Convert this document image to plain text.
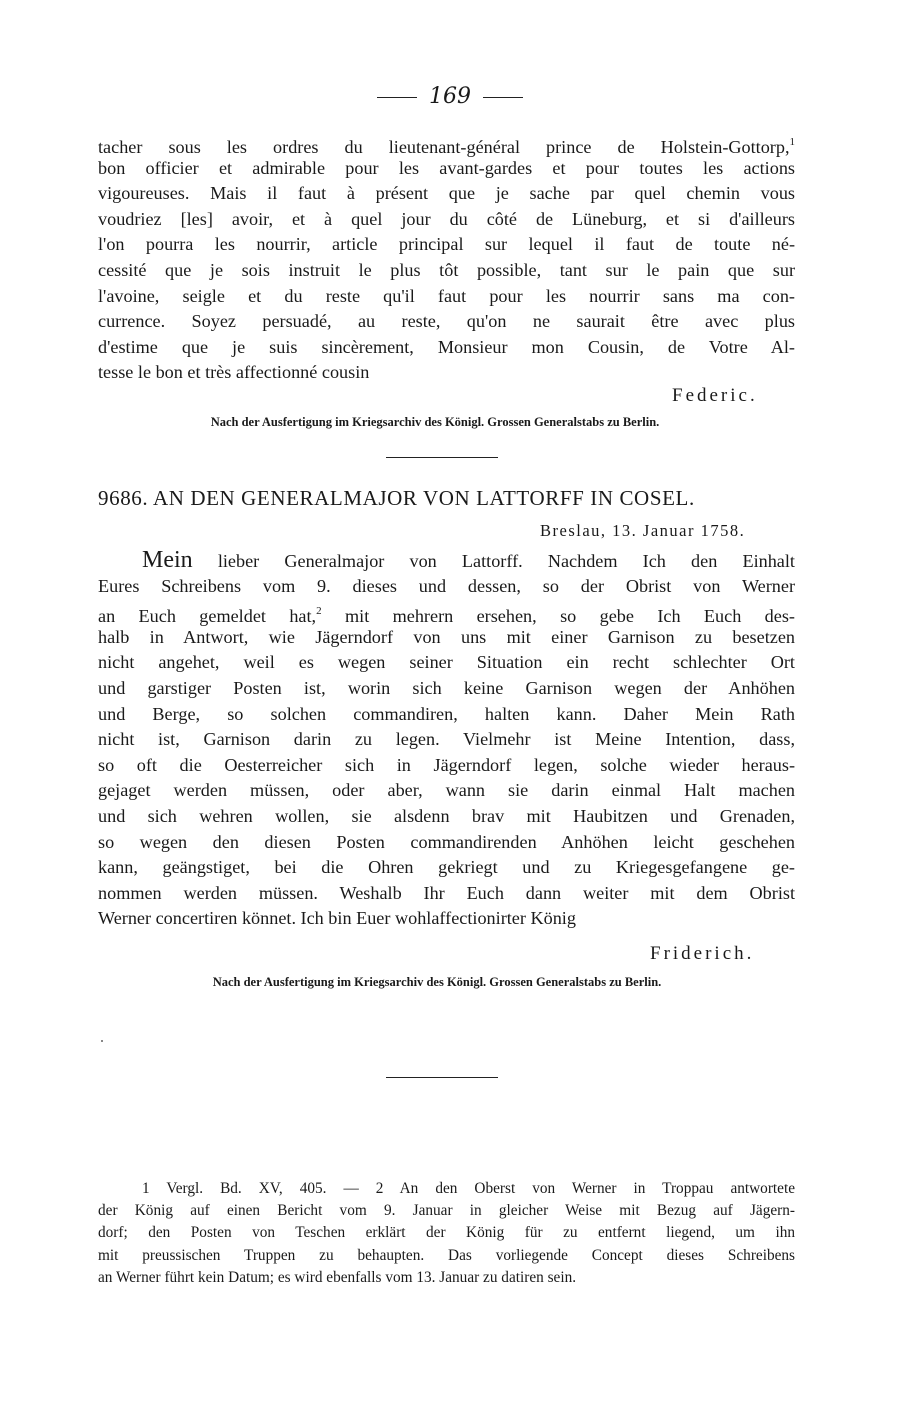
169
tacher sous les ordres du lieutenant-général prince de Holstein-Gottorp,$^1$
bon officier et admirable pour les avant-gardes et pour toutes les actions
vigoureuses. Mais il faut à présent que je sache par quel chemin vous
voudriez [les] avoir, et à quel jour du côté de Lüneburg, et si d'ailleurs
l'on pourra les nourrir, article principal sur lequel il faut de toute né-
cessité que je sois instruit le plus tôt possible, tant sur le pain que sur
l'avoine, seigle et du reste qu'il faut pour les nourrir sans ma con-
currence. Soyez persuadé, au reste, qu'on ne saurait être avec plus
d'estime que je suis sincèrement, Monsieur mon Cousin, de Votre Al-
tesse le bon et très affectionné cousin
Federic.
Nach der Ausfertigung im Kriegsarchiv des Königl. Grossen Generalstabs zu Berlin.
9686. AN DEN GENERALMAJOR VON LATTORFF IN COSEL.
Breslau, 13. Januar 1758.
Mein lieber Generalmajor von Lattorff. Nachdem Ich den Einhalt
Eures Schreibens vom 9. dieses und dessen, so der Obrist von Werner
an Euch gemeldet hat,$^2$ mit mehrern ersehen, so gebe Ich Euch des-
halb in Antwort, wie Jägerndorf von uns mit einer Garnison zu besetzen
nicht angehet, weil es wegen seiner Situation ein recht schlechter Ort
und garstiger Posten ist, worin sich keine Garnison wegen der Anhöhen
und Berge, so solchen commandiren, halten kann. Daher Mein Rath
nicht ist, Garnison darin zu legen. Vielmehr ist Meine Intention, dass,
so oft die Oesterreicher sich in Jägerndorf legen, solche wieder heraus-
gejaget werden müssen, oder aber, wann sie darin einmal Halt machen
und sich wehren wollen, sie alsdenn brav mit Haubitzen und Grenaden,
so wegen den diesen Posten commandirenden Anhöhen leicht geschehen
kann, geängstiget, bei die Ohren gekriegt und zu Kriegesgefangene ge-
nommen werden müssen. Weshalb Ihr Euch dann weiter mit dem Obrist
Werner concertiren könnet. Ich bin Euer wohlaffectionirter König
Friderich.
Nach der Ausfertigung im Kriegsarchiv des Königl. Grossen Generalstabs zu Berlin.
1 Vergl. Bd. XV, 405. — 2 An den Oberst von Werner in Troppau antwortete
der König auf einen Bericht vom 9. Januar in gleicher Weise mit Bezug auf Jägern-
dorf; den Posten von Teschen erklärt der König für zu entfernt liegend, um ihn
mit preussischen Truppen zu behaupten. Das vorliegende Concept dieses Schreibens
an Werner führt kein Datum; es wird ebenfalls vom 13. Januar zu datiren sein.
